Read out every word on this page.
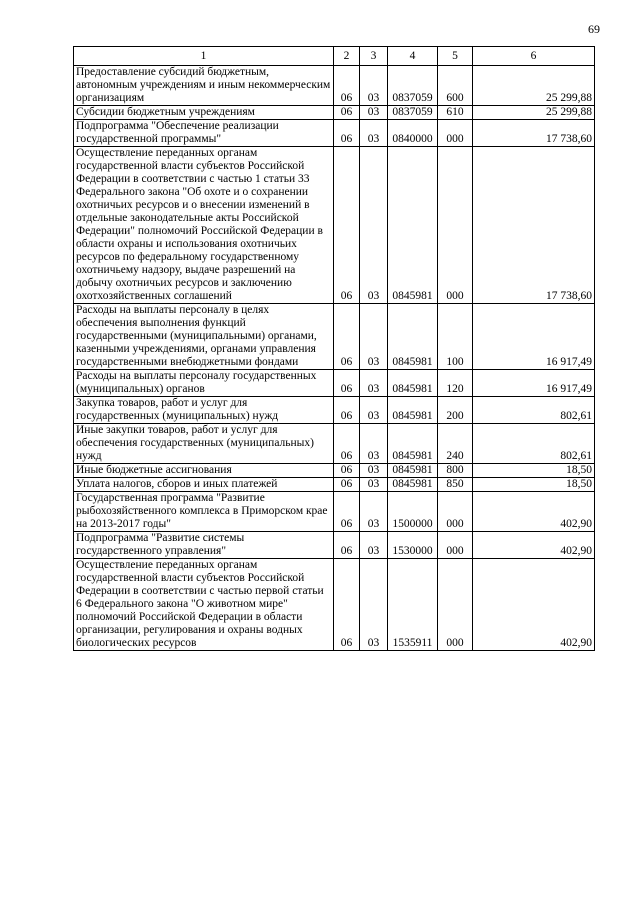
69
1	2	3	4	5	6
Предоставление субсидий бюджетным, автономным учреждениям и иным некоммерческим организациям	06	03	0837059	600	25 299,88
Субсидии бюджетным учреждениям	06	03	0837059	610	25 299,88
Подпрограмма "Обеспечение реализации государственной программы"	06	03	0840000	000	17 738,60
Осуществление переданных органам государственной власти субъектов Российской Федерации в соответствии с частью 1 статьи 33 Федерального закона "Об охоте и о сохранении охотничьих ресурсов и о внесении изменений в отдельные законодательные акты Российской Федерации" полномочий Российской Федерации в области охраны и использования охотничьих ресурсов по федеральному государственному охотничьему надзору, выдаче разрешений на добычу охотничьих ресурсов и заключению охотхозяйственных соглашений	06	03	0845981	000	17 738,60
Расходы на выплаты персоналу в целях обеспечения выполнения функций государственными (муниципальными) органами, казенными учреждениями, органами управления государственными внебюджетными фондами	06	03	0845981	100	16 917,49
Расходы на выплаты персоналу государственных (муниципальных) органов	06	03	0845981	120	16 917,49
Закупка товаров, работ и услуг для государственных (муниципальных) нужд	06	03	0845981	200	802,61
Иные закупки товаров, работ и услуг для обеспечения государственных (муниципальных) нужд	06	03	0845981	240	802,61
Иные бюджетные ассигнования	06	03	0845981	800	18,50
Уплата налогов, сборов и иных платежей	06	03	0845981	850	18,50
Государственная программа "Развитие рыбохозяйственного комплекса в Приморском крае на 2013-2017 годы"	06	03	1500000	000	402,90
Подпрограмма "Развитие системы государственного управления"	06	03	1530000	000	402,90
Осуществление переданных органам государственной власти субъектов Российской Федерации в соответствии с частью первой статьи 6 Федерального закона "О животном мире" полномочий Российской Федерации в области организации, регулирования и охраны водных биологических ресурсов	06	03	1535911	000	402,90
